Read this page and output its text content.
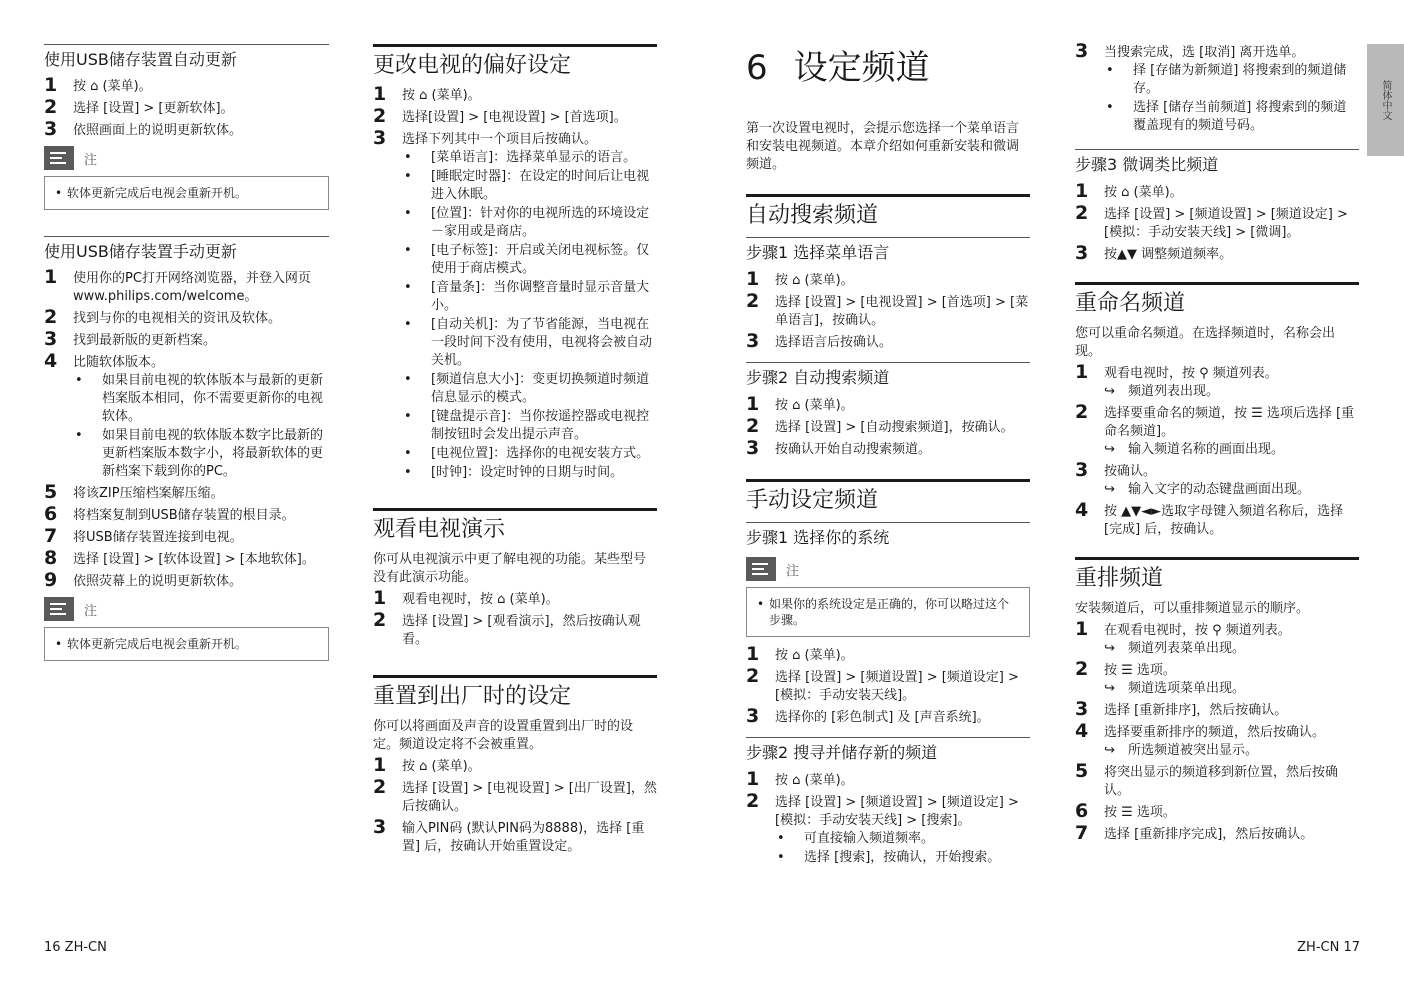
使用USB储存装置自动更新
1 按 ⌂ (菜单)。
2 选择 [设置] > [更新软体]。
3 依照画面上的说明更新软体。
注
• 软体更新完成后电视会重新开机。
使用USB储存装置手动更新
1 使用你的PC打开网络浏览器，并登入网页www.philips.com/welcome。
2 找到与你的电视相关的资讯及软体。
3 找到最新版的更新档案。
4 比随软体版本。
• 如果目前电视的软体版本与最新的更新档案版本相同，你不需要更新你的电视软体。
• 如果目前电视的软体版本数字比最新的更新档案版本数字小，将最新软体的更新档案下载到你的PC。
5 将该ZIP压缩档案解压缩。
6 将档案复制到USB储存装置的根目录。
7 将USB储存装置连接到电视。
8 选择 [设置] > [软体设置] > [本地软体]。
9 依照荧幕上的说明更新软体。
注
• 软体更新完成后电视会重新开机。
更改电视的偏好设定
1 按 ⌂ (菜单)。
2 选择[设置] > [电视设置] > [首选项]。
3 选择下列其中一个项目后按确认。
• [菜单语言]：选择菜单显示的语言。
• [睡眠定时器]：在设定的时间后让电视进入休眠。
• [位置]：针对你的电视所选的环境设定－家用或是商店。
• [电子标签]：开启或关闭电视标签。仅使用于商店模式。
• [音量条]：当你调整音量时显示音量大小。
• [自动关机]：为了节省能源，当电视在一段时间下没有使用，电视将会被自动关机。
• [频道信息大小]：变更切换频道时频道信息显示的模式。
• [键盘提示音]：当你按遥控器或电视控制按钮时会发出提示声音。
• [电视位置]：选择你的电视安装方式。
• [时钟]：设定时钟的日期与时间。
观看电视演示
你可从电视演示中更了解电视的功能。某些型号没有此演示功能。
1 观看电视时，按 ⌂ (菜单)。
2 选择 [设置] > [观看演示]，然后按确认观看。
重置到出厂时的设定
你可以将画面及声音的设置重置到出厂时的设定。频道设定将不会被重置。
1 按 ⌂ (菜单)。
2 选择 [设置] > [电视设置] > [出厂设置]，然后按确认。
3 输入PIN码 (默认PIN码为8888)，选择 [重置] 后，按确认开始重置设定。
6 设定频道
第一次设置电视时，会提示您选择一个菜单语言和安装电视频道。本章介绍如何重新安装和微调频道。
自动搜索频道
步骤1 选择菜单语言
1 按 ⌂ (菜单)。
2 选择 [设置] > [电视设置] > [首选项] > [菜单语言]，按确认。
3 选择语言后按确认。
步骤2 自动搜索频道
1 按 ⌂ (菜单)。
2 选择 [设置] > [自动搜索频道]，按确认。
3 按确认开始自动搜索频道。
手动设定频道
步骤1 选择你的系统
注
• 如果你的系统设定是正确的，你可以略过这个步骤。
1 按 ⌂ (菜单)。
2 选择 [设置] > [频道设置] > [频道设定] > [模拟：手动安装天线]。
3 选择你的 [彩色制式] 及 [声音系统]。
步骤2 搜寻并储存新的频道
1 按 ⌂ (菜单)。
2 选择 [设置] > [频道设置] > [频道设定] > [模拟：手动安装天线] > [搜索]。
• 可直接输入频道频率。
• 选择 [搜索]，按确认，开始搜索。
3 当搜索完成，选 [取消] 离开选单。
• 择 [存储为新频道] 将搜索到的频道储存。
• 选择 [储存当前频道] 将搜索到的频道覆盖现有的频道号码。
步骤3 微调类比频道
1 按 ⌂ (菜单)。
2 选择 [设置] > [频道设置] > [频道设定] > [模拟：手动安装天线] > [微调]。
3 按▲▼ 调整频道频率。
重命名频道
您可以重命名频道。在选择频道时，名称会出现。
1 观看电视时，按 ⚲ 频道列表。
↪ 频道列表出现。
2 选择要重命名的频道，按 ☰ 选项后选择 [重命名频道]。
↪ 输入频道名称的画面出现。
3 按确认。
↪ 输入文字的动态键盘画面出现。
4 按 ▲▼◄►选取字母键入频道名称后，选择 [完成] 后，按确认。
重排频道
安装频道后，可以重排频道显示的顺序。
1 在观看电视时，按 ⚲ 频道列表。
↪ 频道列表菜单出现。
2 按 ☰ 选项。
↪ 频道选项菜单出现。
3 选择 [重新排序]，然后按确认。
4 选择要重新排序的频道，然后按确认。
↪ 所选频道被突出显示。
5 将突出显示的频道移到新位置，然后按确认。
6 按 ☰ 选项。
7 选择 [重新排序完成]，然后按确认。
简体中文
16 ZH-CN	ZH-CN 17
